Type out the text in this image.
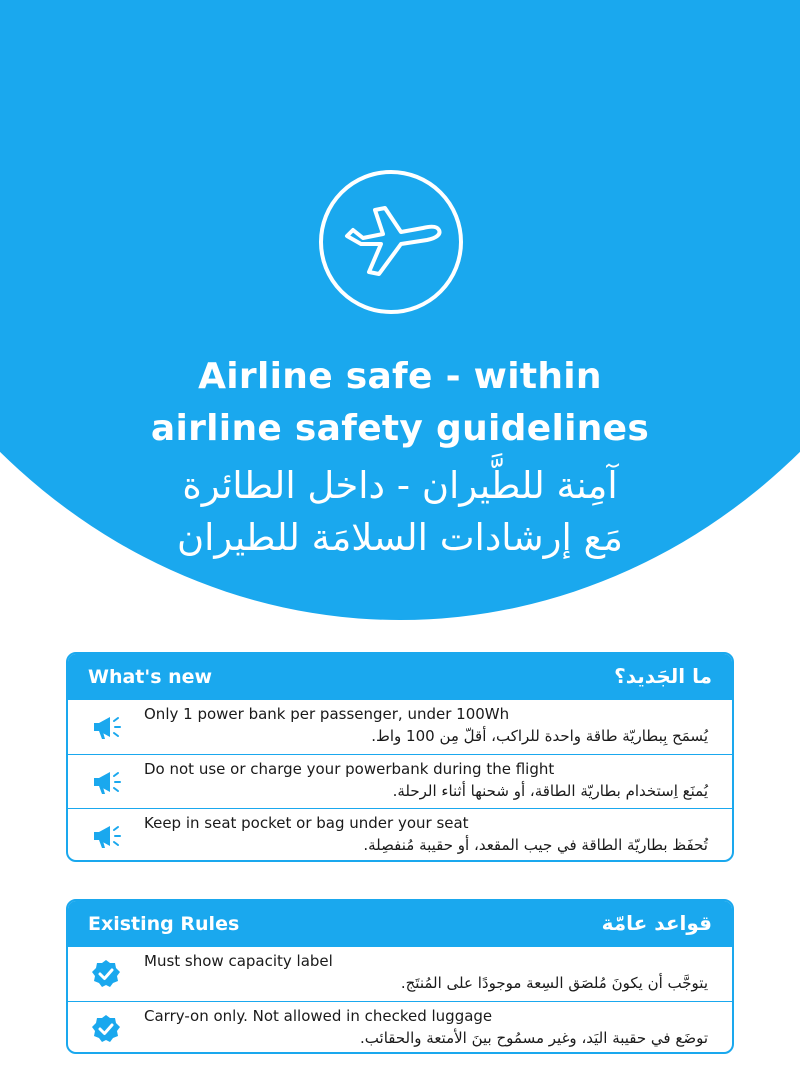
Airline safe - within
airline safety guidelines
آمِنة للطَّيران - داخل الطائرة
مَع إرشادات السلامَة للطيران
What's new	ما الجَديد؟
Only 1 power bank per passenger, under 100Wh
يُسمَح بِبطاريّة طاقة واحدة للراكب، أقلّ مِن 100 واط.
Do not use or charge your powerbank during the flight
يُمنَع اِستخدام بطاريّة الطاقة، أو شحنها أثناء الرحلة.
Keep in seat pocket or bag under your seat
تُحفَظ بطاريّة الطاقة في جيب المقعد، أو حقيبة مُنفصِلة.
Existing Rules	قواعد عامّة
Must show capacity label
يتوجَّب أن يكونَ مُلصَق السِعة موجودًا على المُنتَج.
Carry-on only. Not allowed in checked luggage
توضَع في حقيبة اليَد، وغير مسمُوح بينَ الأمتعة والحقائب.
